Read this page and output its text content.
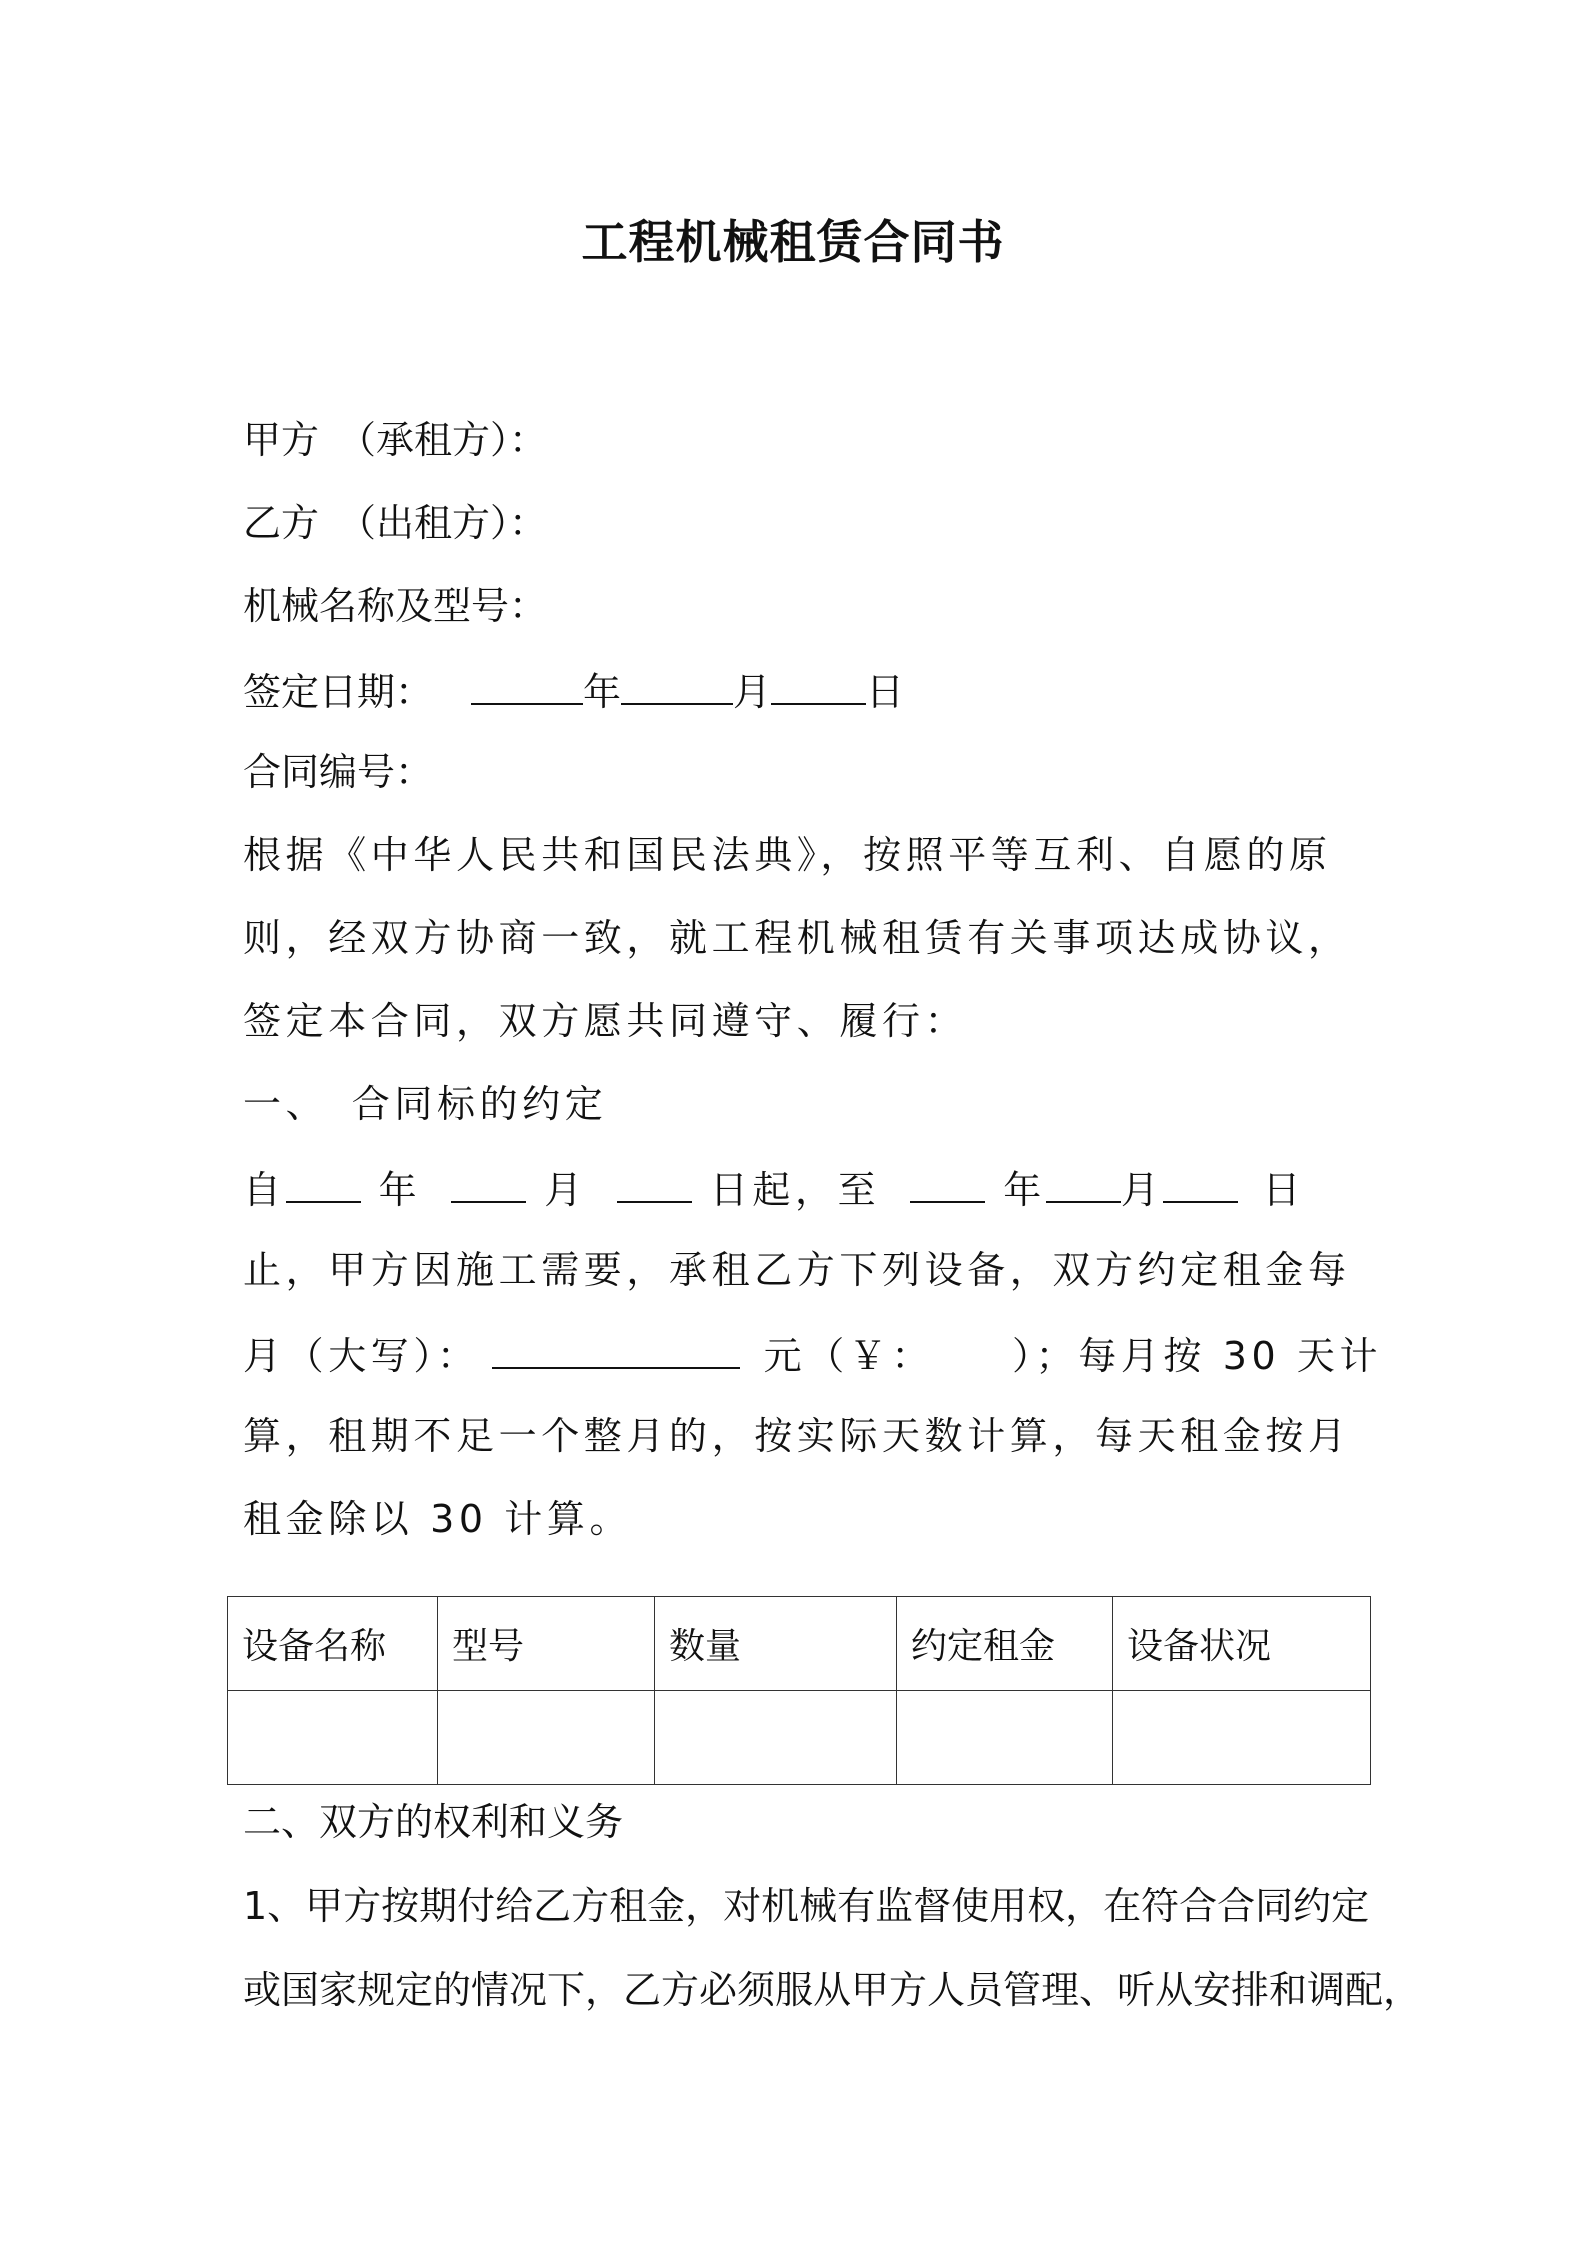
工程机械租赁合同书
甲方　（承租方）：
乙方　（出租方）：
机械名称及型号：
签定日期：	年	月	日
合同编号：
根据《中华人民共和国民法典》，按照平等互利、自愿的原
则，经双方协商一致，就工程机械租赁有关事项达成协议，
签定本合同，双方愿共同遵守、履行：
一、　合同标的约定
自 年	月	日起，至	年 月	日
止，甲方因施工需要，承租乙方下列设备，双方约定租金每
月（大写）：	元（￥： ）；每月按 30 天计
算，租期不足一个整月的，按实际天数计算，每天租金按月
租金除以 30 计算。
设备名称	型号	数量	约定租金	设备状况

二、双方的权利和义务
1、甲方按期付给乙方租金，对机械有监督使用权，在符合合同约定
或国家规定的情况下，乙方必须服从甲方人员管理、听从安排和调配，
